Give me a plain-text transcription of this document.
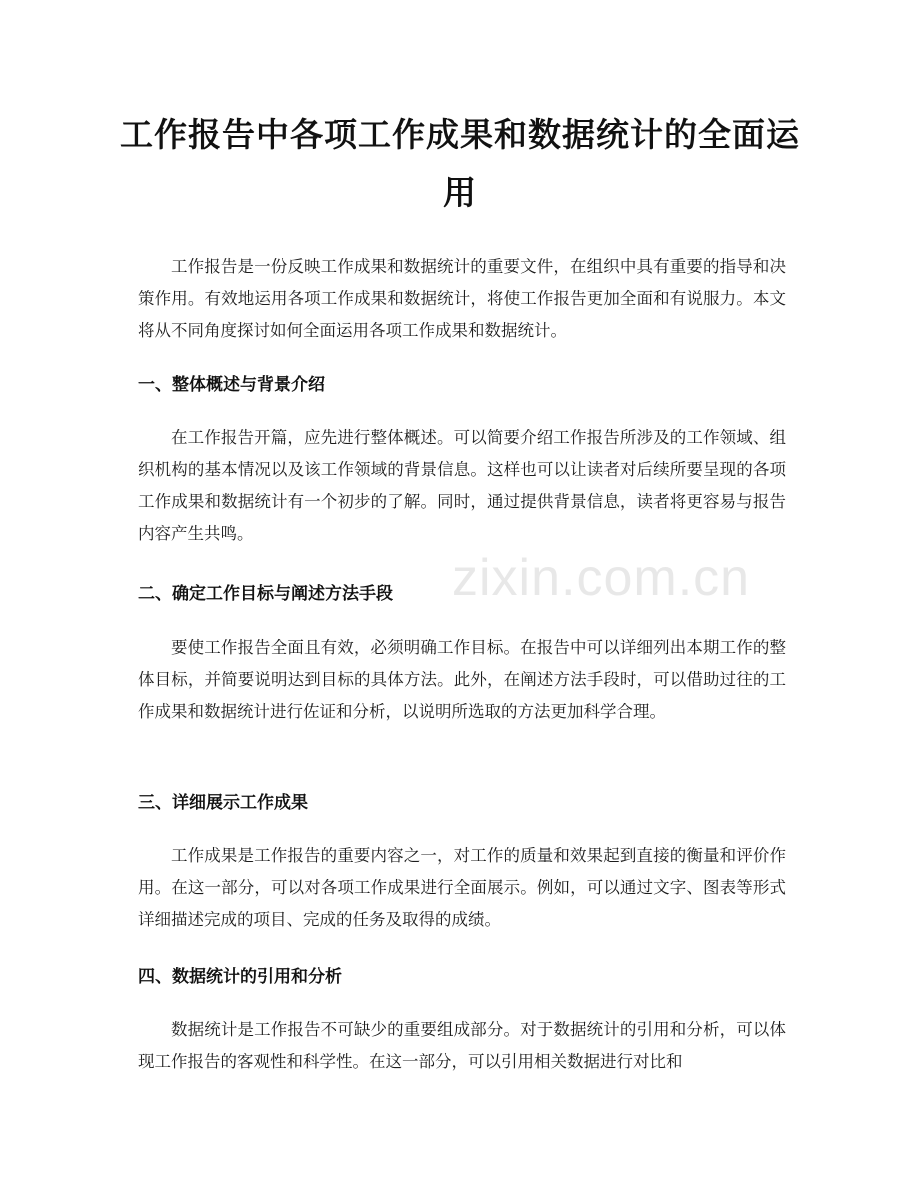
工作报告中各项工作成果和数据统计的全面运用

工作报告是一份反映工作成果和数据统计的重要文件，在组织中具有重要的指导和决策作用。有效地运用各项工作成果和数据统计，将使工作报告更加全面和有说服力。本文将从不同角度探讨如何全面运用各项工作成果和数据统计。

一、整体概述与背景介绍

在工作报告开篇，应先进行整体概述。可以简要介绍工作报告所涉及的工作领域、组织机构的基本情况以及该工作领域的背景信息。这样也可以让读者对后续所要呈现的各项工作成果和数据统计有一个初步的了解。同时，通过提供背景信息，读者将更容易与报告内容产生共鸣。

二、确定工作目标与阐述方法手段

要使工作报告全面且有效，必须明确工作目标。在报告中可以详细列出本期工作的整体目标，并简要说明达到目标的具体方法。此外，在阐述方法手段时，可以借助过往的工作成果和数据统计进行佐证和分析，以说明所选取的方法更加科学合理。

三、详细展示工作成果

工作成果是工作报告的重要内容之一，对工作的质量和效果起到直接的衡量和评价作用。在这一部分，可以对各项工作成果进行全面展示。例如，可以通过文字、图表等形式详细描述完成的项目、完成的任务及取得的成绩。

四、数据统计的引用和分析

数据统计是工作报告不可缺少的重要组成部分。对于数据统计的引用和分析，可以体现工作报告的客观性和科学性。在这一部分，可以引用相关数据进行对比和

zixin.com.cn
